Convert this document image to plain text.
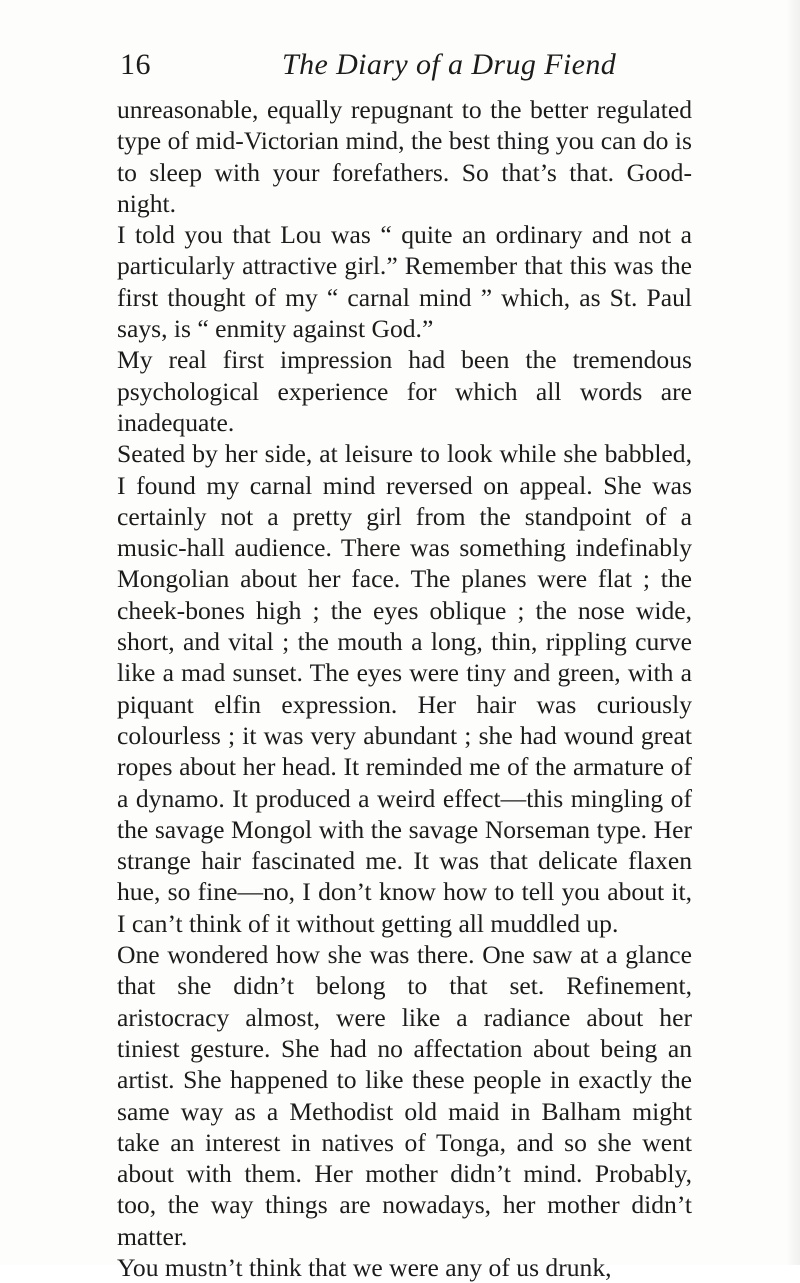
16	The Diary of a Drug Fiend

unreasonable, equally repugnant to the better regulated type of mid-Victorian mind, the best thing you can do is to sleep with your forefathers. So that’s that. Good-night.

I told you that Lou was “ quite an ordinary and not a particularly attractive girl.” Remember that this was the first thought of my “ carnal mind ” which, as St. Paul says, is “ enmity against God.”

My real first impression had been the tremendous psychological experience for which all words are inadequate.

Seated by her side, at leisure to look while she babbled, I found my carnal mind reversed on appeal. She was certainly not a pretty girl from the standpoint of a music-hall audience. There was something indefinably Mongolian about her face. The planes were flat ; the cheek-bones high ; the eyes oblique ; the nose wide, short, and vital ; the mouth a long, thin, rippling curve like a mad sunset. The eyes were tiny and green, with a piquant elfin expression. Her hair was curiously colourless ; it was very abundant ; she had wound great ropes about her head. It reminded me of the armature of a dynamo. It produced a weird effect—this mingling of the savage Mongol with the savage Norseman type. Her strange hair fascinated me. It was that delicate flaxen hue, so fine—no, I don’t know how to tell you about it, I can’t think of it without getting all muddled up.

One wondered how she was there. One saw at a glance that she didn’t belong to that set. Refinement, aristocracy almost, were like a radiance about her tiniest gesture. She had no affectation about being an artist. She happened to like these people in exactly the same way as a Methodist old maid in Balham might take an interest in natives of Tonga, and so she went about with them. Her mother didn’t mind. Probably, too, the way things are nowadays, her mother didn’t matter.

You mustn’t think that we were any of us drunk,
